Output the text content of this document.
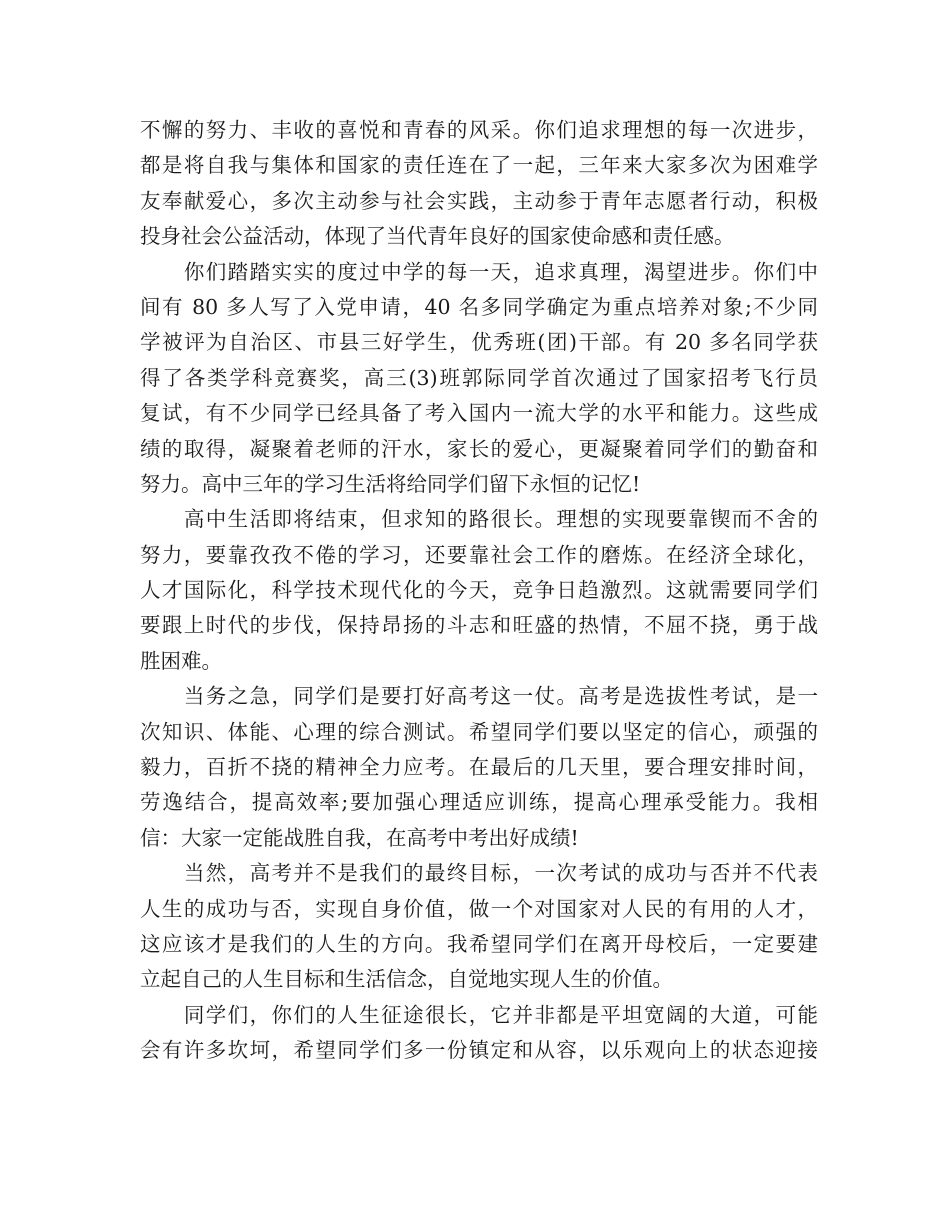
不懈的努力、丰收的喜悦和青春的风采。你们追求理想的每一次进步，
都是将自我与集体和国家的责任连在了一起，三年来大家多次为困难学
友奉献爱心，多次主动参与社会实践，主动参于青年志愿者行动，积极
投身社会公益活动，体现了当代青年良好的国家使命感和责任感。
　　你们踏踏实实的度过中学的每一天，追求真理，渴望进步。你们中
间有 80 多人写了入党申请，40 名多同学确定为重点培养对象;不少同
学被评为自治区、市县三好学生，优秀班(团)干部。有 20 多名同学获
得了各类学科竞赛奖，高三(3)班郭际同学首次通过了国家招考飞行员
复试，有不少同学已经具备了考入国内一流大学的水平和能力。这些成
绩的取得，凝聚着老师的汗水，家长的爱心，更凝聚着同学们的勤奋和
努力。高中三年的学习生活将给同学们留下永恒的记忆!
　　高中生活即将结束，但求知的路很长。理想的实现要靠锲而不舍的
努力，要靠孜孜不倦的学习，还要靠社会工作的磨炼。在经济全球化，
人才国际化，科学技术现代化的今天，竞争日趋激烈。这就需要同学们
要跟上时代的步伐，保持昂扬的斗志和旺盛的热情，不屈不挠，勇于战
胜困难。
　　当务之急，同学们是要打好高考这一仗。高考是选拔性考试，是一
次知识、体能、心理的综合测试。希望同学们要以坚定的信心，顽强的
毅力，百折不挠的精神全力应考。在最后的几天里，要合理安排时间，
劳逸结合，提高效率;要加强心理适应训练，提高心理承受能力。我相
信：大家一定能战胜自我，在高考中考出好成绩!
　　当然，高考并不是我们的最终目标，一次考试的成功与否并不代表
人生的成功与否，实现自身价值，做一个对国家对人民的有用的人才，
这应该才是我们的人生的方向。我希望同学们在离开母校后，一定要建
立起自己的人生目标和生活信念，自觉地实现人生的价值。
　　同学们，你们的人生征途很长，它并非都是平坦宽阔的大道，可能
会有许多坎坷，希望同学们多一份镇定和从容，以乐观向上的状态迎接
